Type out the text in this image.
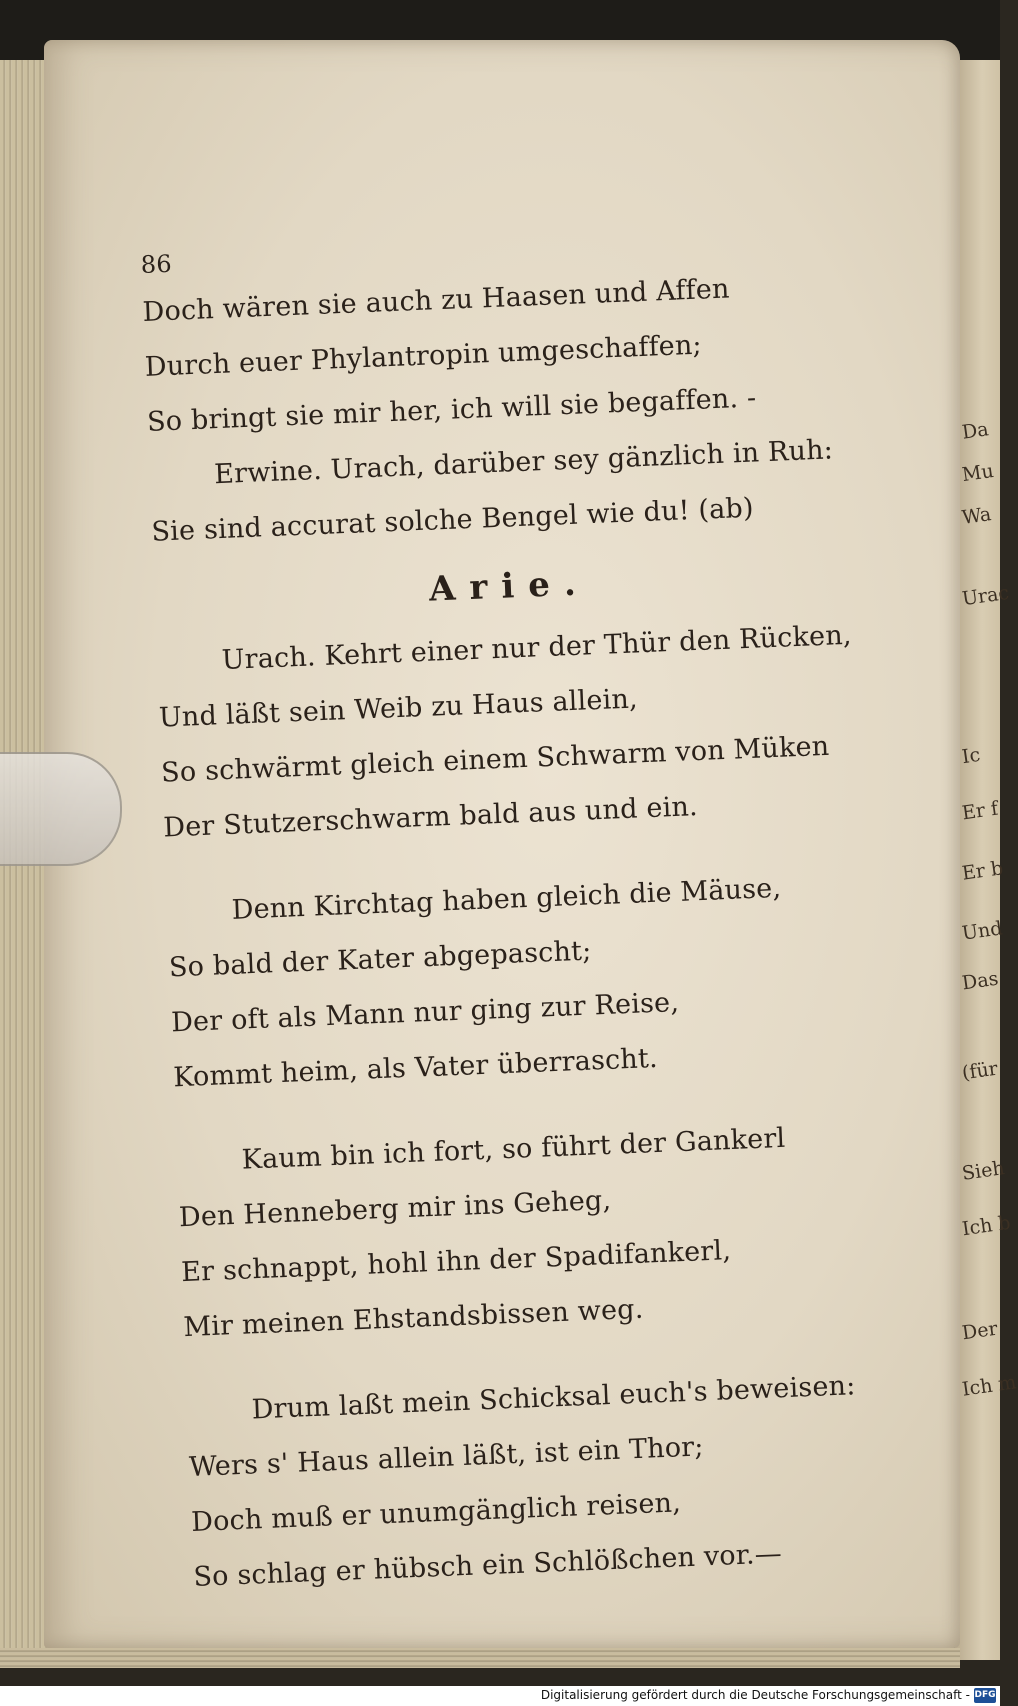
Da
Mu
Wa
Urac
Ic
Er f
Er b
Und
Das
(für
Sieh
Ich b
Der
Ich m
86
Doch wären sie auch zu Haasen und Affen
Durch euer Phylantropin umgeschaffen;
So bringt sie mir her, ich will sie begaffen. -
Erwine. Urach, darüber sey gänzlich in Ruh:
Sie sind accurat solche Bengel wie du! (ab)
Arie.
Urach. Kehrt einer nur der Thür den Rücken,
Und läßt sein Weib zu Haus allein,
So schwärmt gleich einem Schwarm von Müken
Der Stutzerschwarm bald aus und ein.
Denn Kirchtag haben gleich die Mäuse,
So bald der Kater abgepascht;
Der oft als Mann nur ging zur Reise,
Kommt heim, als Vater überrascht.
Kaum bin ich fort, so führt der Gankerl
Den Henneberg mir ins Geheg,
Er schnappt, hohl ihn der Spadifankerl,
Mir meinen Ehstandsbissen weg.
Drum laßt mein Schicksal euch's beweisen:
Wers s' Haus allein läßt, ist ein Thor;
Doch muß er unumgänglich reisen,
So schlag er hübsch ein Schlößchen vor.—
Digitalisierung gefördert durch die Deutsche Forschungsgemeinschaft - DFG
